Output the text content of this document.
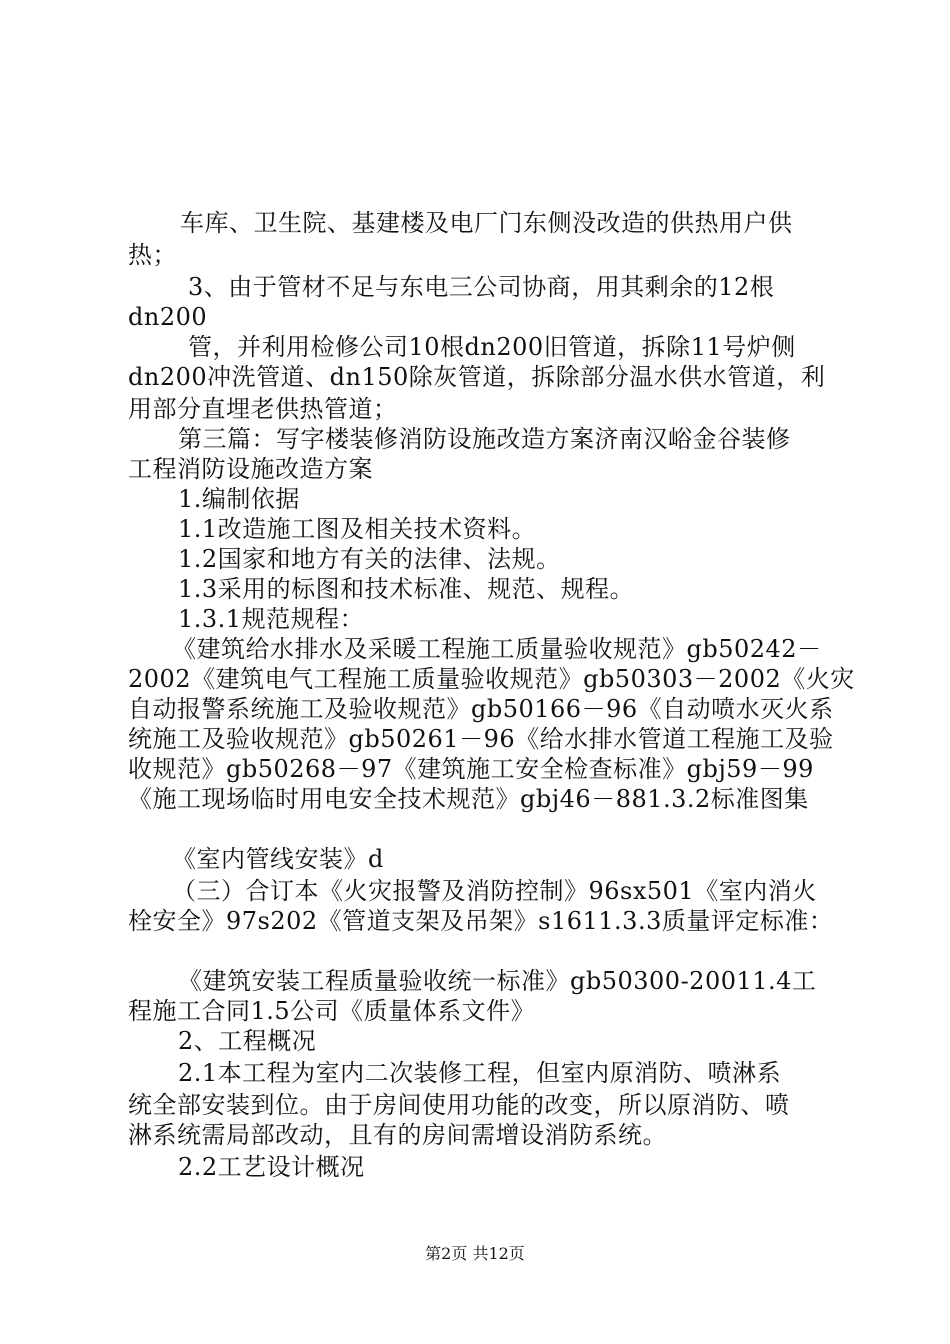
车库、卫生院、基建楼及电厂门东侧没改造的供热用户供
热；
3、由于管材不足与东电三公司协商，用其剩余的12根
dn200
管，并利用检修公司10根dn200旧管道，拆除11号炉侧
dn200冲洗管道、dn150除灰管道，拆除部分温水供水管道，利
用部分直埋老供热管道；
第三篇：写字楼装修消防设施改造方案济南汉峪金谷装修
工程消防设施改造方案
1.编制依据
1.1改造施工图及相关技术资料。
1.2国家和地方有关的法律、法规。
1.3采用的标图和技术标准、规范、规程。
1.3.1规范规程：
《建筑给水排水及采暖工程施工质量验收规范》gb50242－
2002《建筑电气工程施工质量验收规范》gb50303－2002《火灾
自动报警系统施工及验收规范》gb50166－96《自动喷水灭火系
统施工及验收规范》gb50261－96《给水排水管道工程施工及验
收规范》gb50268－97《建筑施工安全检查标准》gbj59－99
《施工现场临时用电安全技术规范》gbj46－881.3.2标准图集
《室内管线安装》d
（三）合订本《火灾报警及消防控制》96sx501《室内消火
栓安全》97s202《管道支架及吊架》s1611.3.3质量评定标准：
《建筑安装工程质量验收统一标准》gb50300-20011.4工
程施工合同1.5公司《质量体系文件》
2、工程概况
2.1本工程为室内二次装修工程，但室内原消防、喷淋系
统全部安装到位。由于房间使用功能的改变，所以原消防、喷
淋系统需局部改动，且有的房间需增设消防系统。
2.2工艺设计概况
第2页 共12页
